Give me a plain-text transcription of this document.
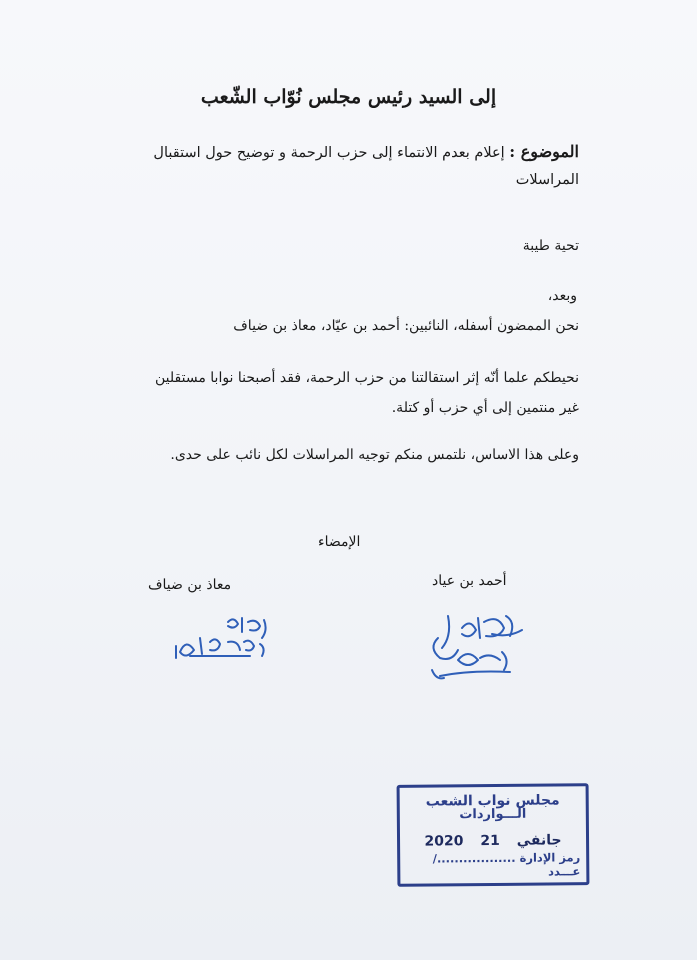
إلى السيد رئيس مجلس نُوّاب الشّعب
الموضوع : إعلام بعدم الانتماء إلى حزب الرحمة و توضيح حول استقبال المراسلات
تحية طيبة
وبعد،
نحن الممضون أسفله، النائبين: أحمد بن عيّاد، معاذ بن ضياف
نحيطكم علما أنّه إثر استقالتنا من حزب الرحمة، فقد أصبحنا نوابا مستقلين
غير منتمين إلى أي حزب أو كتلة.
وعلى هذا الاساس، نلتمس منكم توجيه المراسلات لكل نائب على حدى.
الإمضاء
معاذ بن ضياف	أحمد بن عياد
مجلس نواب الشعب
الـــواردات
2020	جانفي 21
رمز الإدارة ................../ عـــدد
